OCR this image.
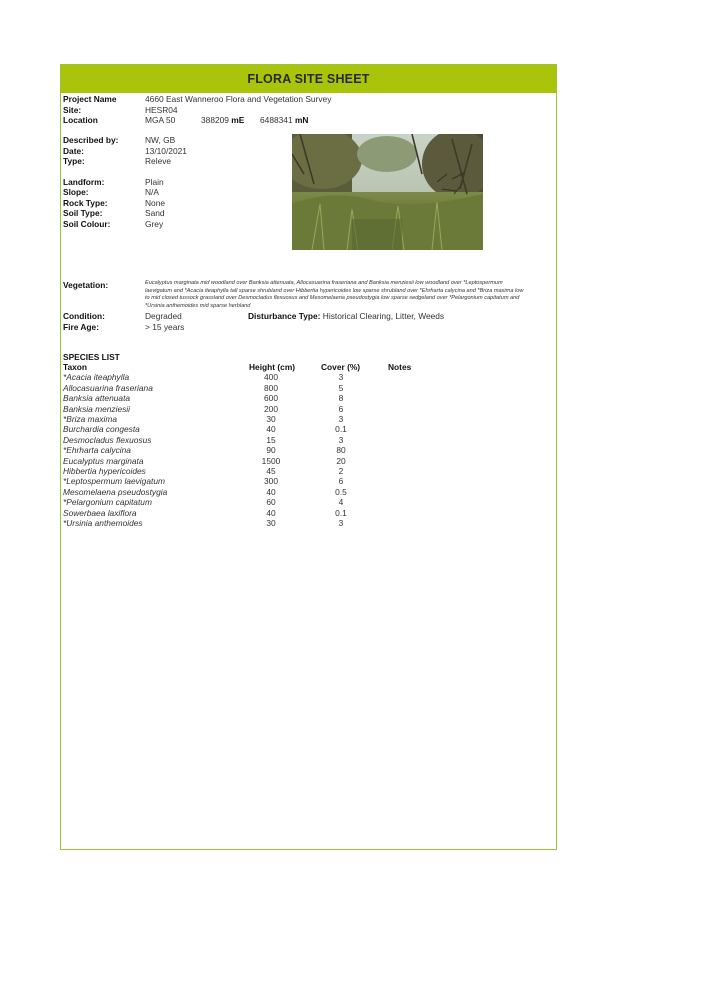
FLORA SITE SHEET
Project Name	4660 East Wanneroo Flora and Vegetation Survey
Site:	HESR04
Location	MGA 50	388209 mE 6488341 mN
Described by:	NW, GB
Date:	13/10/2021
Type:	Releve
Landform:	Plain
Slope:	N/A
Rock Type:	None
Soil Type:	Sand
Soil Colour:	Grey
Vegetation:	Eucalyptus marginata mid woodland over Banksia attenuata, Allocasuarina fraseriana and Banksia menziesii low woodland over *Leptospermum laevigatum and *Acacia iteaphylla tall sparse shrubland over Hibbertia hypericoides low sparse shrubland over *Ehrharta calycina and *Briza maxima low to mid closed tussock grassland over Desmocladus flexuosus and Mesomelaena pseudostygia low sparse sedgeland over *Pelargonium capitatum and *Ursinia anthemoides mid sparse herbland
Condition:	Degraded	Disturbance Type: Historical Clearing, Litter, Weeds
Fire Age:	> 15 years
SPECIES LIST
Taxon	Height (cm)	Cover (%)	Notes
*Acacia iteaphylla	400	3
Allocasuarina fraseriana	800	5
Banksia attenuata	600	8
Banksia menziesii	200	6
*Briza maxima	30	3
Burchardia congesta	40	0.1
Desmocladus flexuosus	15	3
*Ehrharta calycina	90	80
Eucalyptus marginata	1500	20
Hibbertia hypericoides	45	2
*Leptospermum laevigatum	300	6
Mesomelaena pseudostygia	40	0.5
*Pelargonium capitatum	60	4
Sowerbaea laxiflora	40	0.1
*Ursinia anthemoides	30	3
